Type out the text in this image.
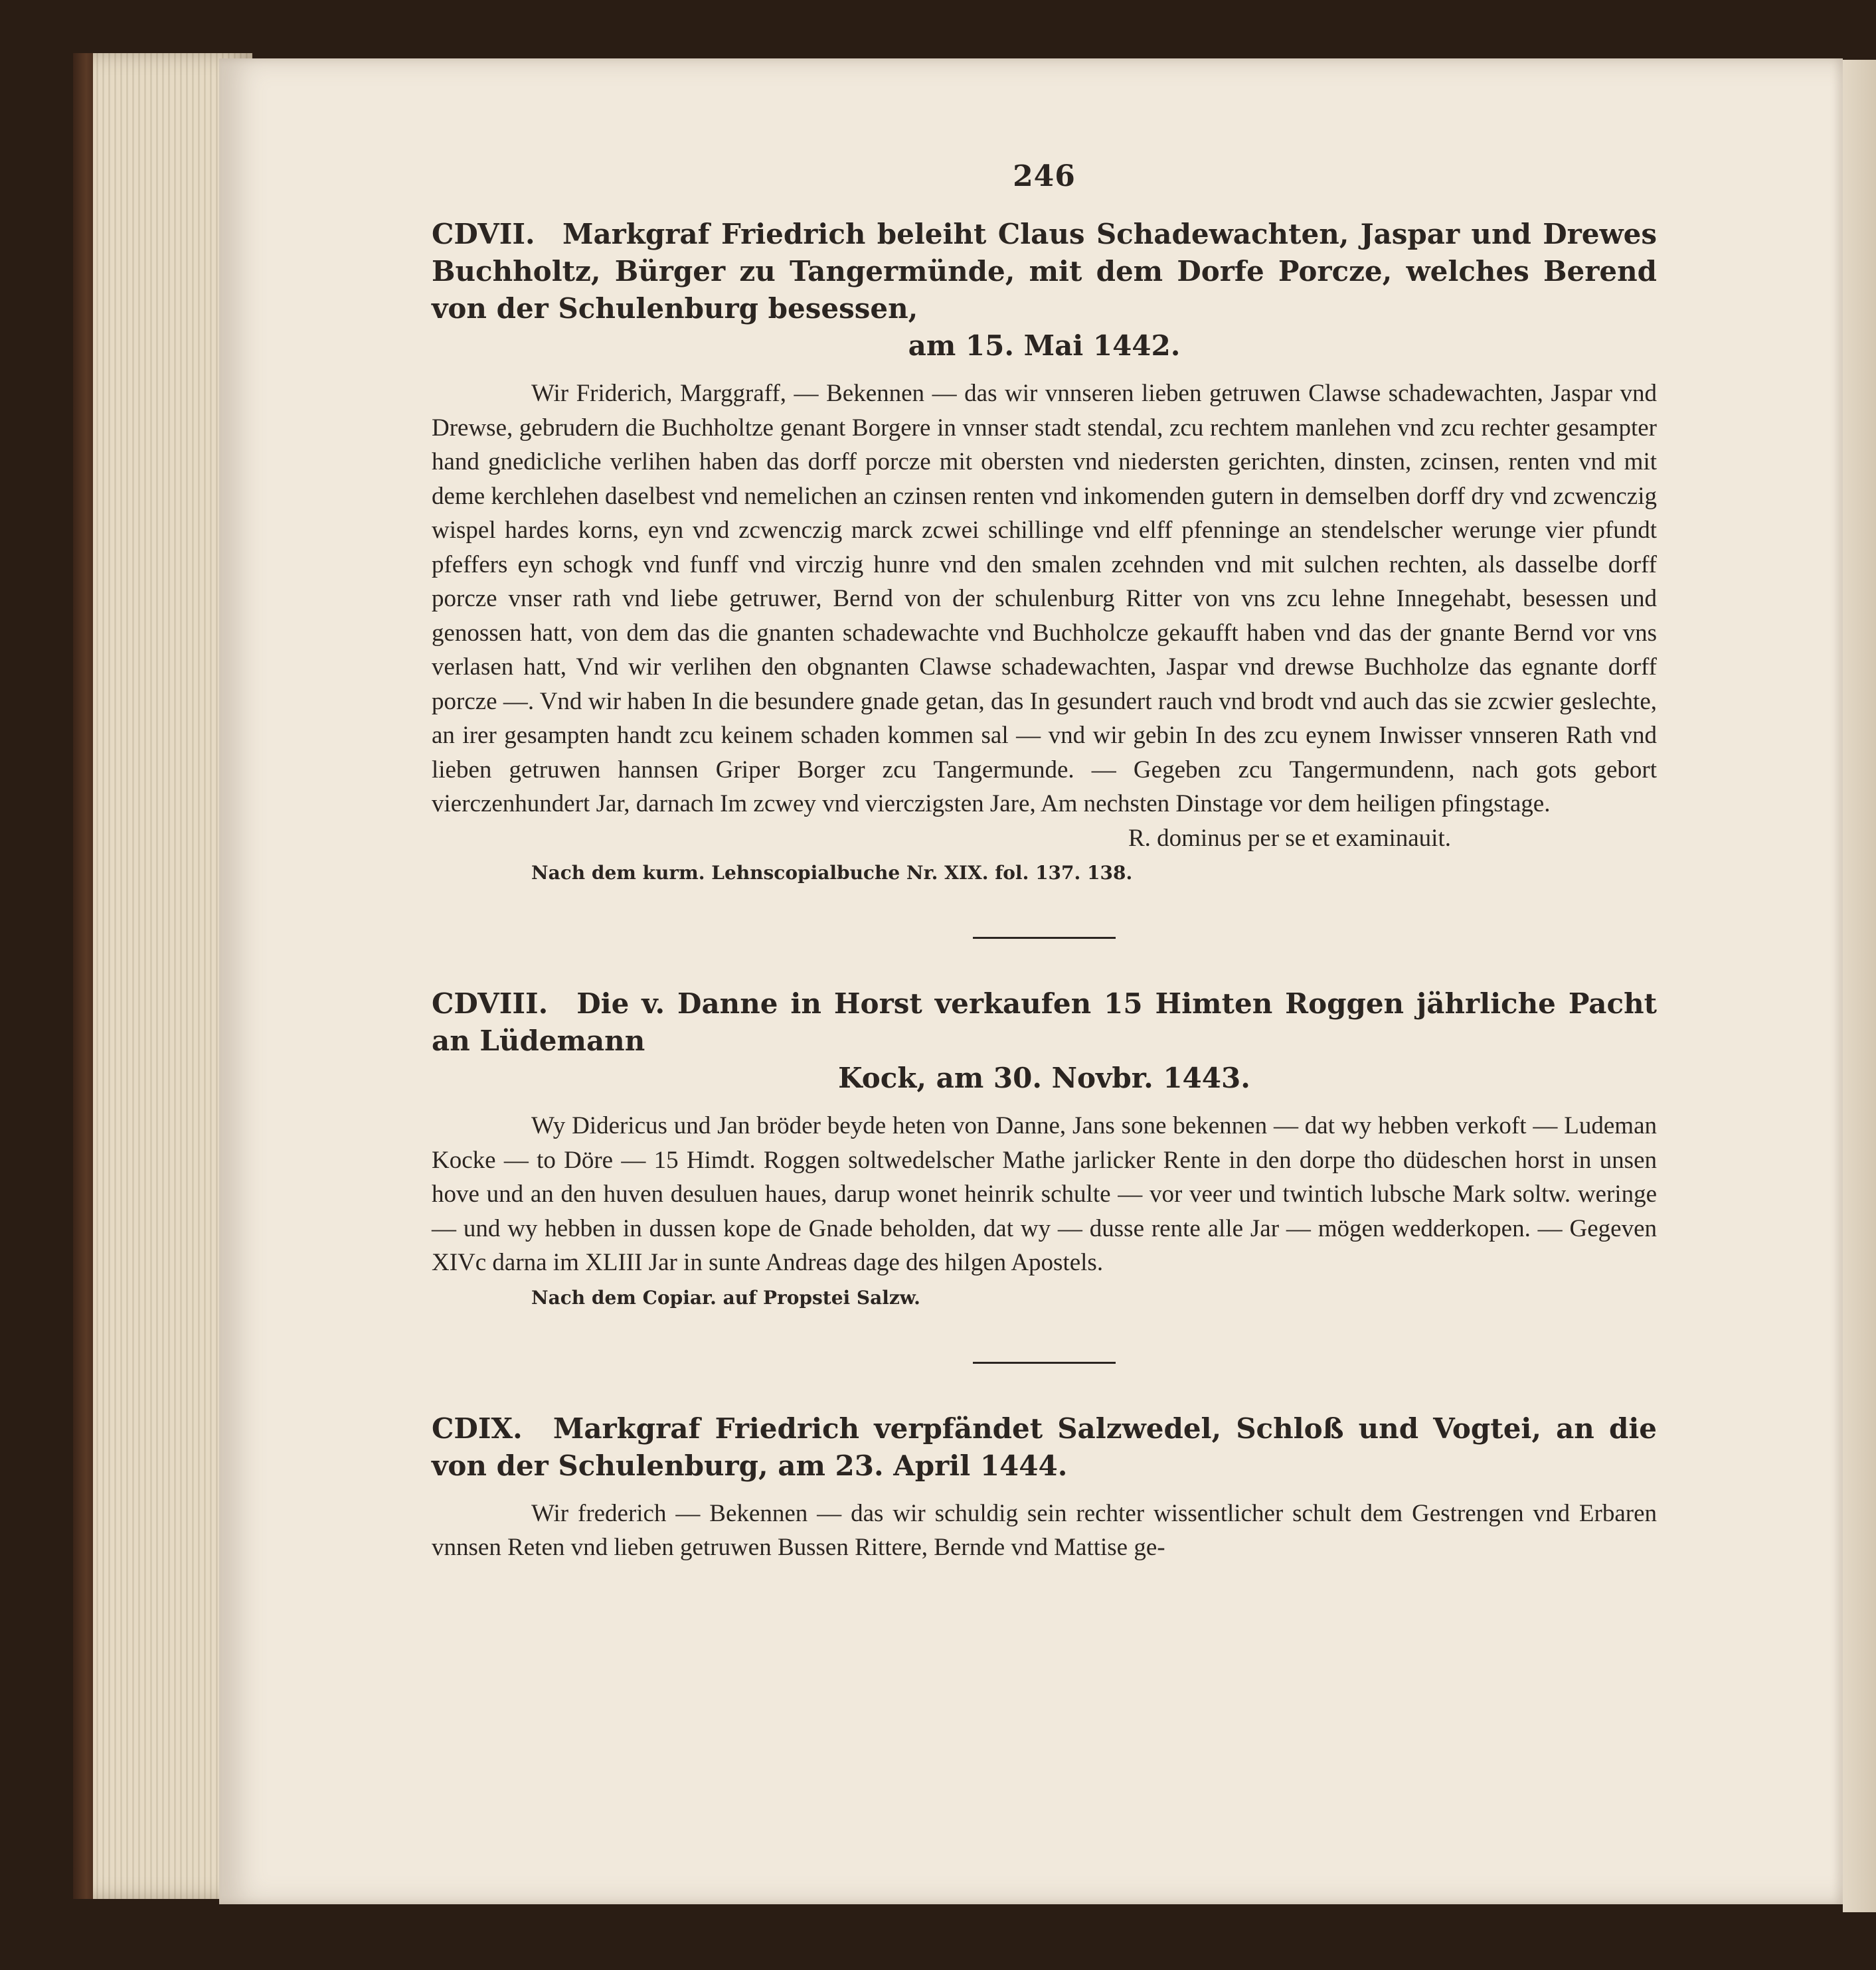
246
CDVII. Markgraf Friedrich beleiht Claus Schadewachten, Jaspar und Drewes Buchholtz, Bürger zu Tangermünde, mit dem Dorfe Porcze, welches Berend von der Schulenburg besessen,
am 15. Mai 1442.

Wir Friderich, Marggraff, — Bekennen — das wir vnnseren lieben getruwen Clawse schadewachten, Jaspar vnd Drewse, gebrudern die Buchholtze genant Borgere in vnnser stadt stendal, zcu rechtem manlehen vnd zcu rechter gesampter hand gnedicliche verlihen haben das dorff porcze mit obersten vnd niedersten gerichten, dinsten, zcinsen, renten vnd mit deme kerchlehen daselbest vnd nemelichen an czinsen renten vnd inkomenden gutern in demselben dorff dry vnd zcwenczig wispel hardes korns, eyn vnd zcwenczig marck zcwei schillinge vnd elff pfenninge an stendelscher werunge vier pfundt pfeffers eyn schogk vnd funff vnd virczig hunre vnd den smalen zcehnden vnd mit sulchen rechten, als dasselbe dorff porcze vnser rath vnd liebe getruwer, Bernd von der schulenburg Ritter von vns zcu lehne Innegehabt, besessen und genossen hatt, von dem das die gnanten schadewachte vnd Buchholcze gekaufft haben vnd das der gnante Bernd vor vns verlasen hatt, Vnd wir verlihen den obgnanten Clawse schadewachten, Jaspar vnd drewse Buchholze das egnante dorff porcze —. Vnd wir haben In die besundere gnade getan, das In gesundert rauch vnd brodt vnd auch das sie zcwier geslechte, an irer gesampten handt zcu keinem schaden kommen sal — vnd wir gebin In des zcu eynem Inwisser vnnseren Rath vnd lieben getruwen hannsen Griper Borger zcu Tangermunde. — Gegeben zcu Tangermundenn, nach gots gebort vierczenhundert Jar, darnach Im zcwey vnd vierczigsten Jare, Am nechsten Dinstage vor dem heiligen pfingstage.

R. dominus per se et examinauit.
Nach dem kurm. Lehnscopialbuche Nr. XIX. fol. 137. 138.
CDVIII. Die v. Danne in Horst verkaufen 15 Himten Roggen jährliche Pacht an Lüdemann
Kock, am 30. Novbr. 1443.

Wy Didericus und Jan bröder beyde heten von Danne, Jans sone bekennen — dat wy hebben verkoft — Ludeman Kocke — to Döre — 15 Himdt. Roggen soltwedelscher Mathe jarlicker Rente in den dorpe tho düdeschen horst in unsen hove und an den huven desuluen haues, darup wonet heinrik schulte — vor veer und twintich lubsche Mark soltw. weringe — und wy hebben in dussen kope de Gnade beholden, dat wy — dusse rente alle Jar — mögen wedderkopen. — Gegeven XIVc darna im XLIII Jar in sunte Andreas dage des hilgen Apostels.

Nach dem Copiar. auf Propstei Salzw.
CDIX. Markgraf Friedrich verpfändet Salzwedel, Schloß und Vogtei, an die von der Schulenburg, am 23. April 1444.

Wir frederich — Bekennen — das wir schuldig sein rechter wissentlicher schult dem Gestrengen vnd Erbaren vnnsen Reten vnd lieben getruwen Bussen Rittere, Bernde vnd Mattise ge-
